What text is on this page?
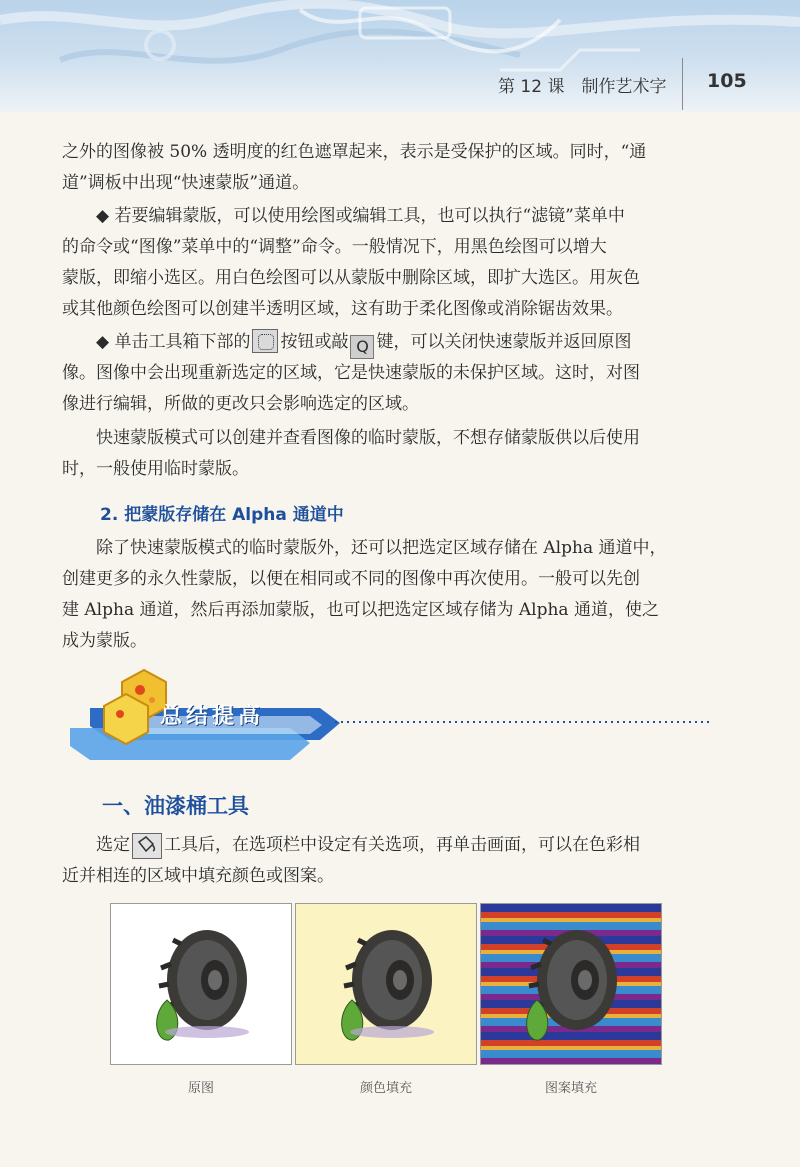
第 12 课　制作艺术字 105
之外的图像被 50% 透明度的红色遮罩起来，表示是受保护的区域。同时，“通
道”调板中出现“快速蒙版”通道。
◆ 若要编辑蒙版，可以使用绘图或编辑工具，也可以执行“滤镜”菜单中
的命令或“图像”菜单中的“调整”命令。一般情况下，用黑色绘图可以增大
蒙版，即缩小选区。用白色绘图可以从蒙版中删除区域，即扩大选区。用灰色
或其他颜色绘图可以创建半透明区域，这有助于柔化图像或消除锯齿效果。
◆ 单击工具箱下部的 按钮或敲 Q 键，可以关闭快速蒙版并返回原图
像。图像中会出现重新选定的区域，它是快速蒙版的未保护区域。这时，对图
像进行编辑，所做的更改只会影响选定的区域。
快速蒙版模式可以创建并查看图像的临时蒙版，不想存储蒙版供以后使用
时，一般使用临时蒙版。
2. 把蒙版存储在 Alpha 通道中
除了快速蒙版模式的临时蒙版外，还可以把选定区域存储在 Alpha 通道中，
创建更多的永久性蒙版，以便在相同或不同的图像中再次使用。一般可以先创
建 Alpha 通道，然后再添加蒙版，也可以把选定区域存储为 Alpha 通道，使之
成为蒙版。
总结提高
一、油漆桶工具
选定 工具后，在选项栏中设定有关选项，再单击画面，可以在色彩相
近并相连的区域中填充颜色或图案。
原图	颜色填充	图案填充
